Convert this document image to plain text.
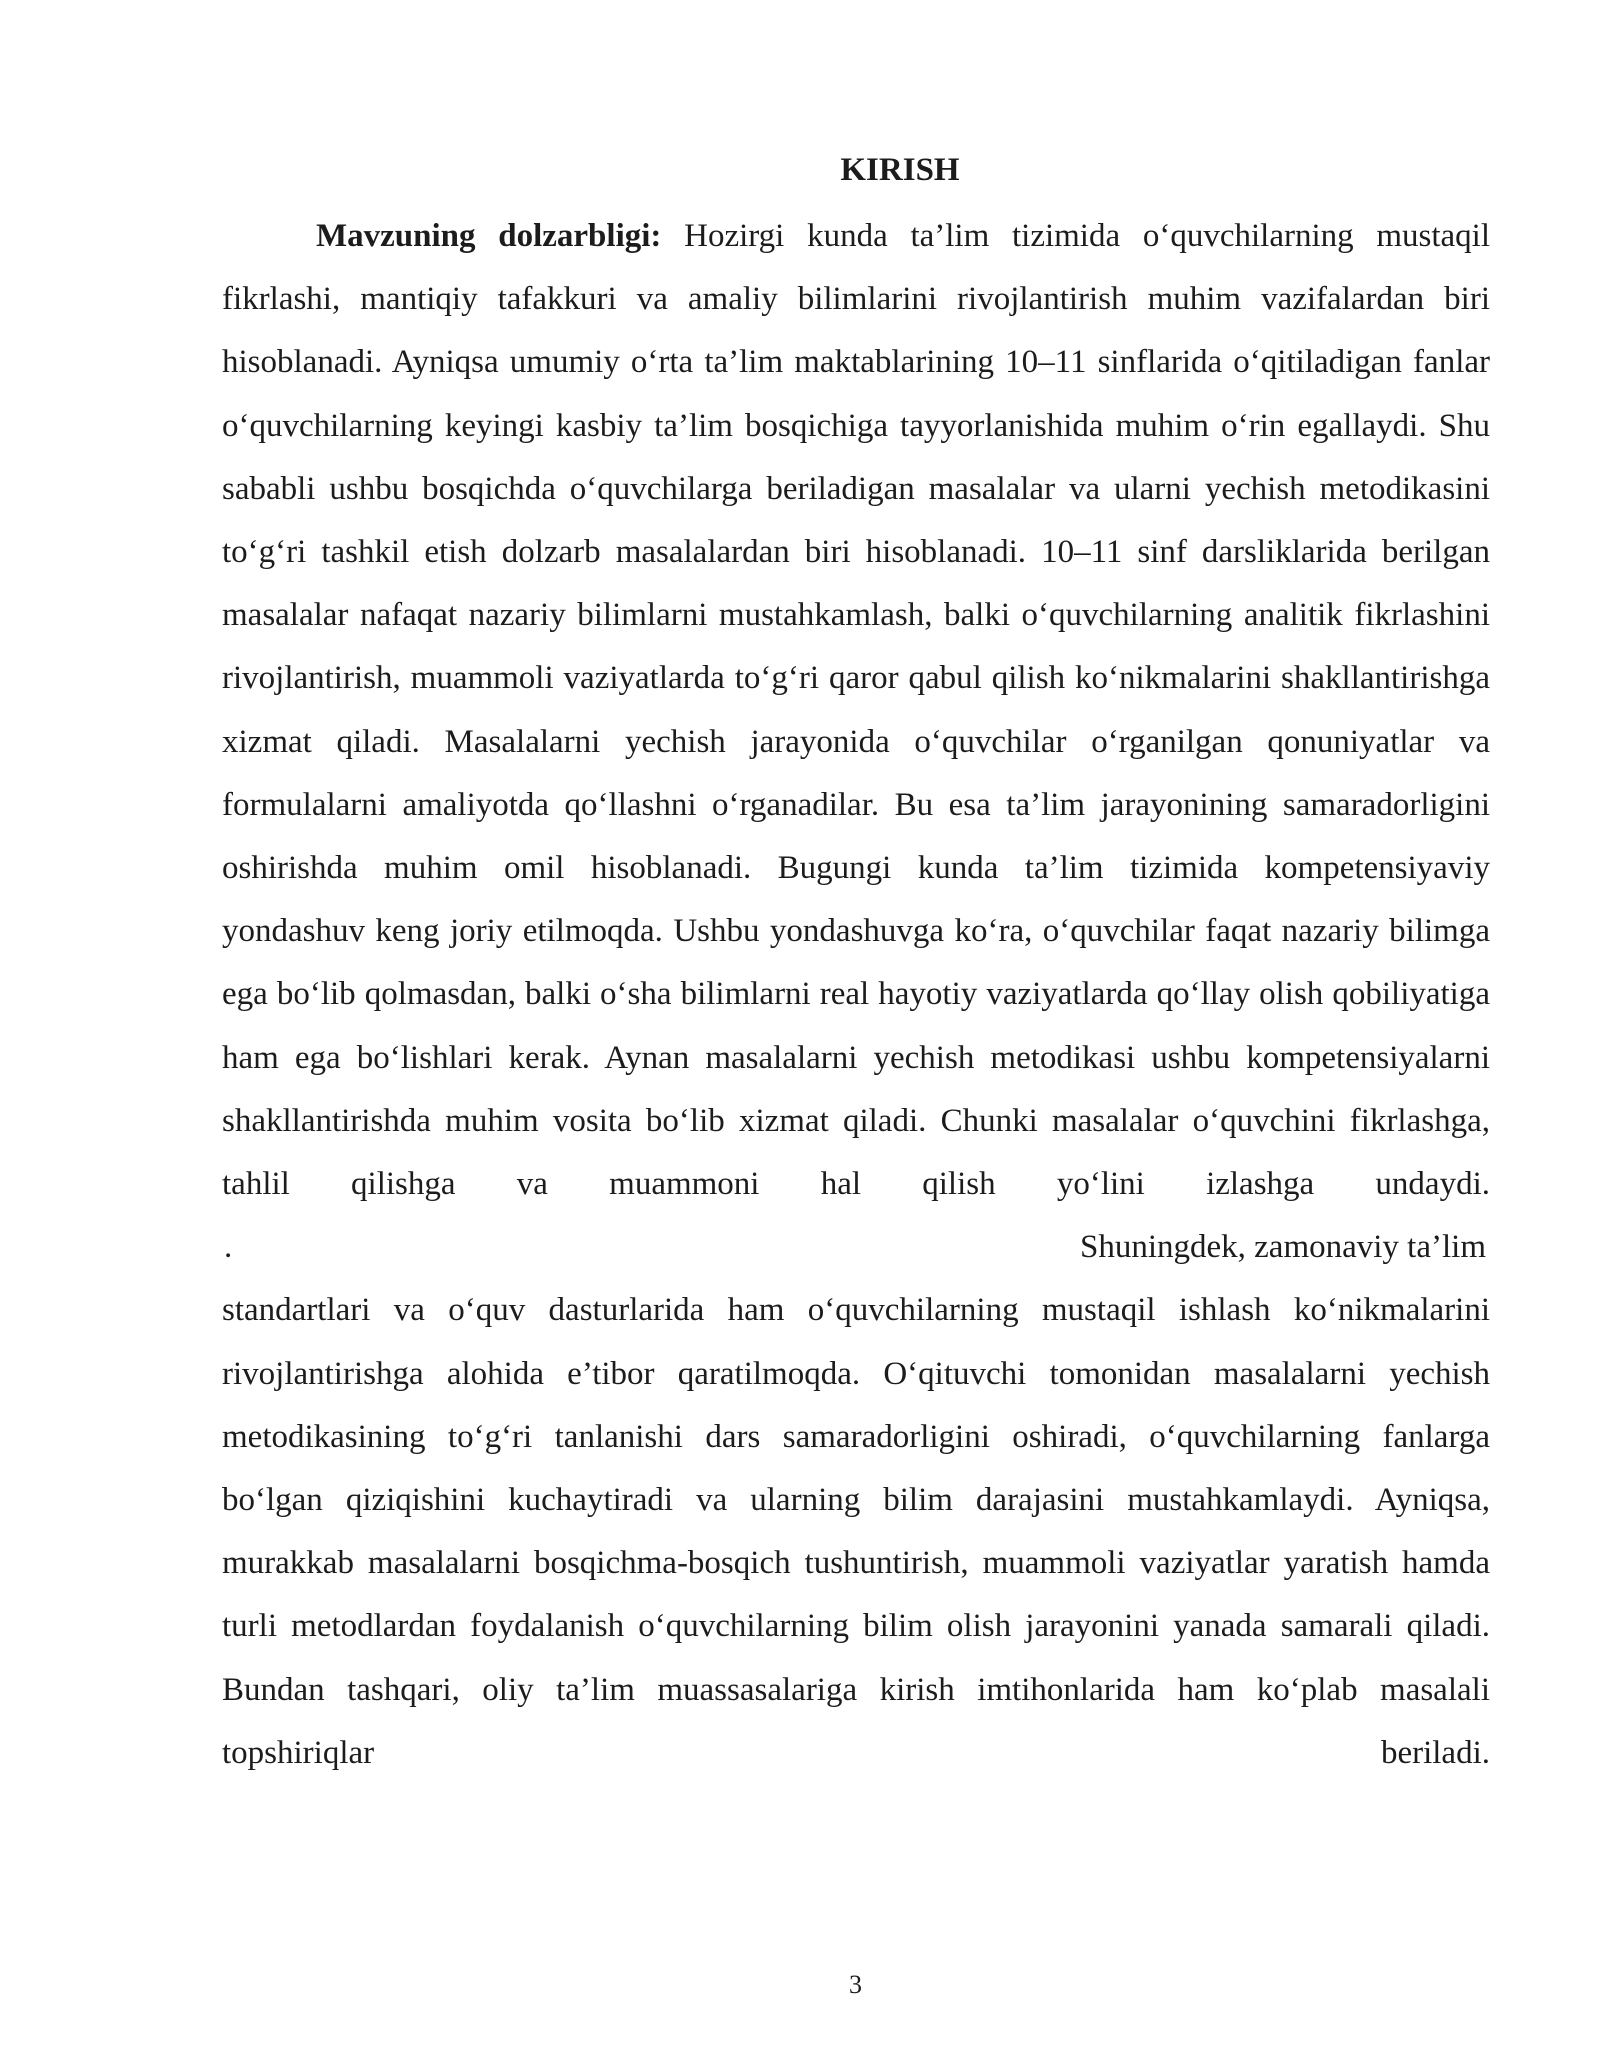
KIRISH

Mavzuning dolzarbligi: Hozirgi kunda ta’lim tizimida o‘quvchilarning mustaqil fikrlashi, mantiqiy tafakkuri va amaliy bilimlarini rivojlantirish muhim vazifalardan biri hisoblanadi. Ayniqsa umumiy o‘rta ta’lim maktablarining 10–11 sinflarida o‘qitiladigan fanlar o‘quvchilarning keyingi kasbiy ta’lim bosqichiga tayyorlanishida muhim o‘rin egallaydi. Shu sababli ushbu bosqichda o‘quvchilarga beriladigan masalalar va ularni yechish metodikasini to‘g‘ri tashkil etish dolzarb masalalardan biri hisoblanadi. 10–11 sinf darsliklarida berilgan masalalar nafaqat nazariy bilimlarni mustahkamlash, balki o‘quvchilarning analitik fikrlashini rivojlantirish, muammoli vaziyatlarda to‘g‘ri qaror qabul qilish ko‘nikmalarini shakllantirishga xizmat qiladi. Masalalarni yechish jarayonida o‘quvchilar o‘rganilgan qonuniyatlar va formulalarni amaliyotda qo‘llashni o‘rganadilar. Bu esa ta’lim jarayonining samaradorligini oshirishda muhim omil hisoblanadi. Bugungi kunda ta’lim tizimida kompetensiyaviy yondashuv keng joriy etilmoqda. Ushbu yondashuvga ko‘ra, o‘quvchilar faqat nazariy bilimga ega bo‘lib qolmasdan, balki o‘sha bilimlarni real hayotiy vaziyatlarda qo‘llay olish qobiliyatiga ham ega bo‘lishlari kerak. Aynan masalalarni yechish metodikasi ushbu kompetensiyalarni shakllantirishda muhim vosita bo‘lib xizmat qiladi. Chunki masalalar o‘quvchini fikrlashga, tahlil qilishga va muammoni hal qilish yo‘lini izlashga undaydi.

.	Shuningdek, zamonaviy ta’lim

standartlari va o‘quv dasturlarida ham o‘quvchilarning mustaqil ishlash ko‘nikmalarini rivojlantirishga alohida e’tibor qaratilmoqda. O‘qituvchi tomonidan masalalarni yechish metodikasining to‘g‘ri tanlanishi dars samaradorligini oshiradi, o‘quvchilarning fanlarga bo‘lgan qiziqishini kuchaytiradi va ularning bilim darajasini mustahkamlaydi. Ayniqsa, murakkab masalalarni bosqichma-bosqich tushuntirish, muammoli vaziyatlar yaratish hamda turli metodlardan foydalanish o‘quvchilarning bilim olish jarayonini yanada samarali qiladi. Bundan tashqari, oliy ta’lim muassasalariga kirish imtihonlarida ham ko‘plab masalali topshiriqlar beriladi.

3
